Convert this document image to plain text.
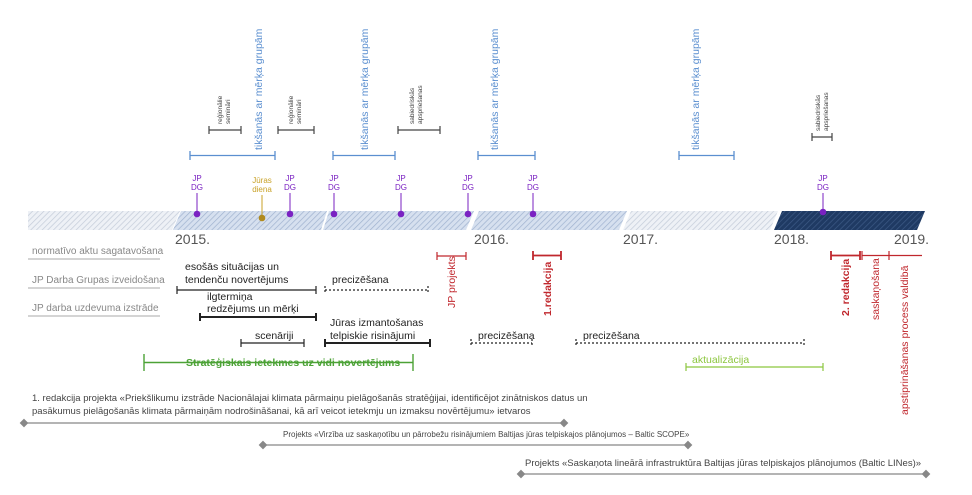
2015.	2016.	2017.	2018.	2019.
tikšanās ar mērķa grupām	tikšanās ar mērķa grupām	tikšanās ar mērķa grupām	tikšanās ar mērķa grupām
reģionālie semināri	reģionālie semināri	sabiedriskās apspriešanas	sabiedriskās apspriešanas
JP
DG
JP
DG
JP
DG
JP
DG
JP
DG
JP
DG
JP
DG
Jūras
diena
normatīvo aktu sagatavošana
JP Darba Grupas izveidošana
JP darba uzdevuma izstrāde
esošās situācijas un
tendenču novertējums
ilgtermiņa
redzējums un mērķi
scenāriji
precizēšana
Jūras izmantošanas
telpiskie risinājumi	precizēšana	precizēšana
Stratēģiskais ietekmes uz vidi novertējums	aktualizācija
JP projekts	1.redakcija	2. redakcija saskaņošana apstiprināšanas process valdibā
1. redakcija projekta «Priekšlikumu izstrāde Nacionālajai klimata pārmaiņu pielāgošanās stratēģijai, identificējot zinātniskos datus un
pasākumus pielāgošanās klimata pārmaiņām nodrošināšanai, kā arī veicot ietekmju un izmaksu novērtējumu» ietvaros
Projekts «Virzība uz saskaņotību un pārrobežu risinājumiem Baltijas jūras telpiskajos plānojumos – Baltic SCOPE»
Projekts «Saskaņota lineārā infrastruktūra Baltijas jūras telpiskajos plānojumos (Baltic LINes)»
